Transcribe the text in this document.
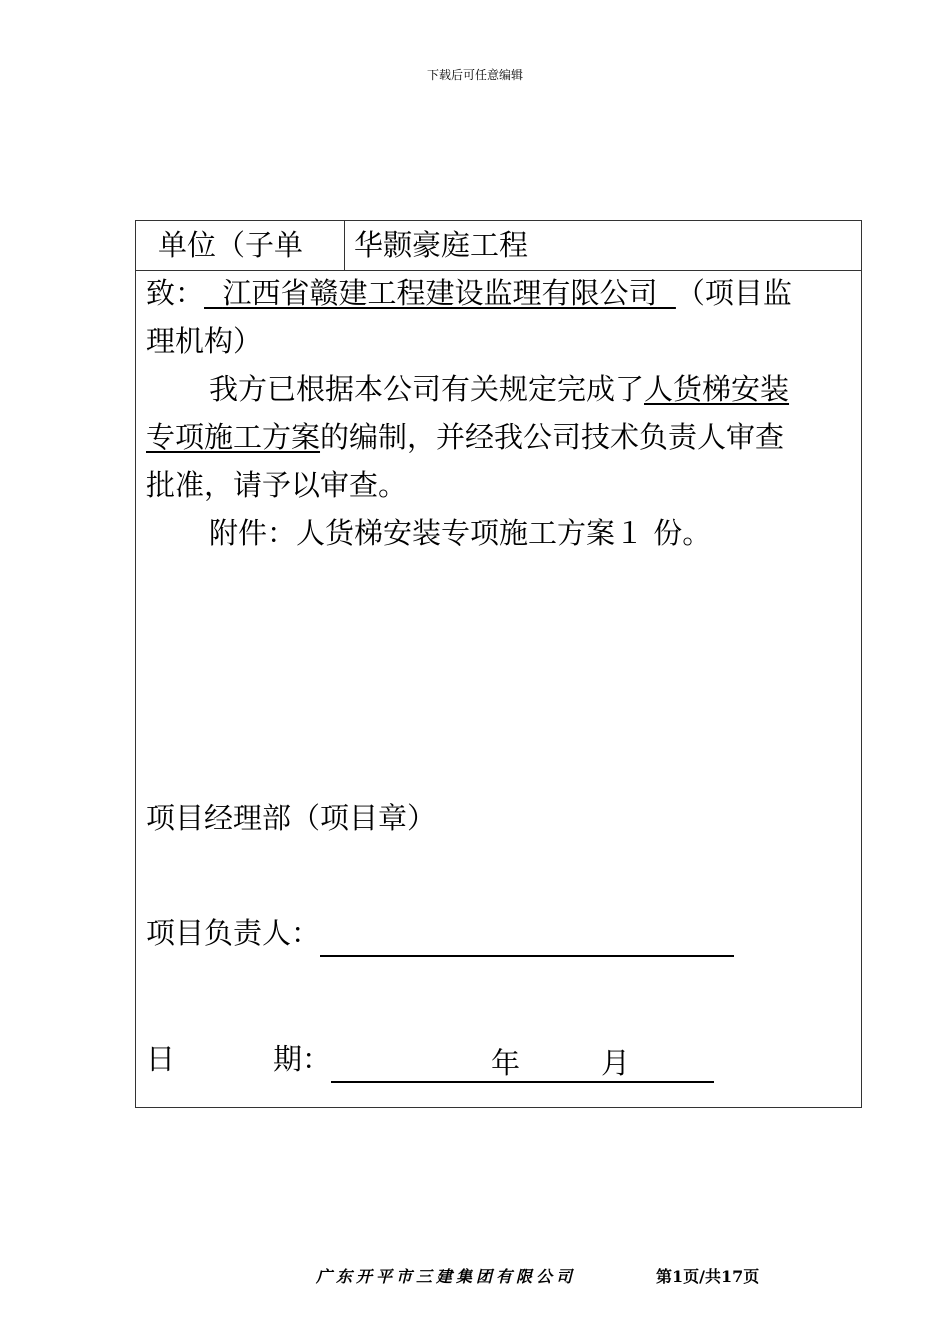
下载后可任意编辑
单位（子单	华颢豪庭工程
致： 江西省赣建工程建设监理有限公司 （项目监
理机构）
我方已根据本公司有关规定完成了人货梯安装
专项施工方案的编制，并经我公司技术负责人审查
批准，请予以审查。
附件：人货梯安装专项施工方案１ 份。
项目经理部（项目章）
项目负责人：
日	期：	年	月
广东开平市三建集团有限公司	第1页/共17页
